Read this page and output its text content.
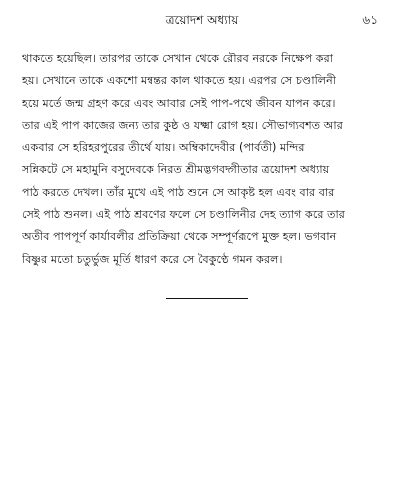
ত্রয়োদশ অধ্যায়	৬১
থাকতে হয়েছিল। তারপর তাকে সেখান থেকে রৌরব নরকে নিক্ষেপ করা
হয়। সেখানে তাকে একশো মন্বন্তর কাল থাকতে হয়। এরপর সে চণ্ডালিনী
হয়ে মর্তে জন্ম গ্রহণ করে এবং আবার সেই পাপ-পথে জীবন যাপন করে।
তার এই পাপ কাজের জন্য তার কুষ্ঠ ও যক্ষ্মা রোগ হয়। সৌভাগ্যবশত আর
একবার সে হরিহরপুরের তীর্থে যায়। অম্বিকাদেবীর (পার্বতী) মন্দির
সন্নিকটে সে মহামুনি বসুদেবকে নিরত শ্রীমদ্ভগবদ্গীতার ত্রয়োদশ অধ্যায়
পাঠ করতে দেখল। তাঁর মুখে এই পাঠ শুনে সে আকৃষ্ট হল এবং বার বার
সেই পাঠ শুনল। এই পাঠ শ্রবণের ফলে সে চণ্ডালিনীর দেহ ত্যাগ করে তার
অতীব পাপপূর্ণ কার্যাবলীর প্রতিক্রিয়া থেকে সম্পূর্ণরূপে মুক্ত হল। ভগবান
বিষ্ণুর মতো চতুর্ভুজ মূর্তি ধারণ করে সে বৈকুণ্ঠে গমন করল।
